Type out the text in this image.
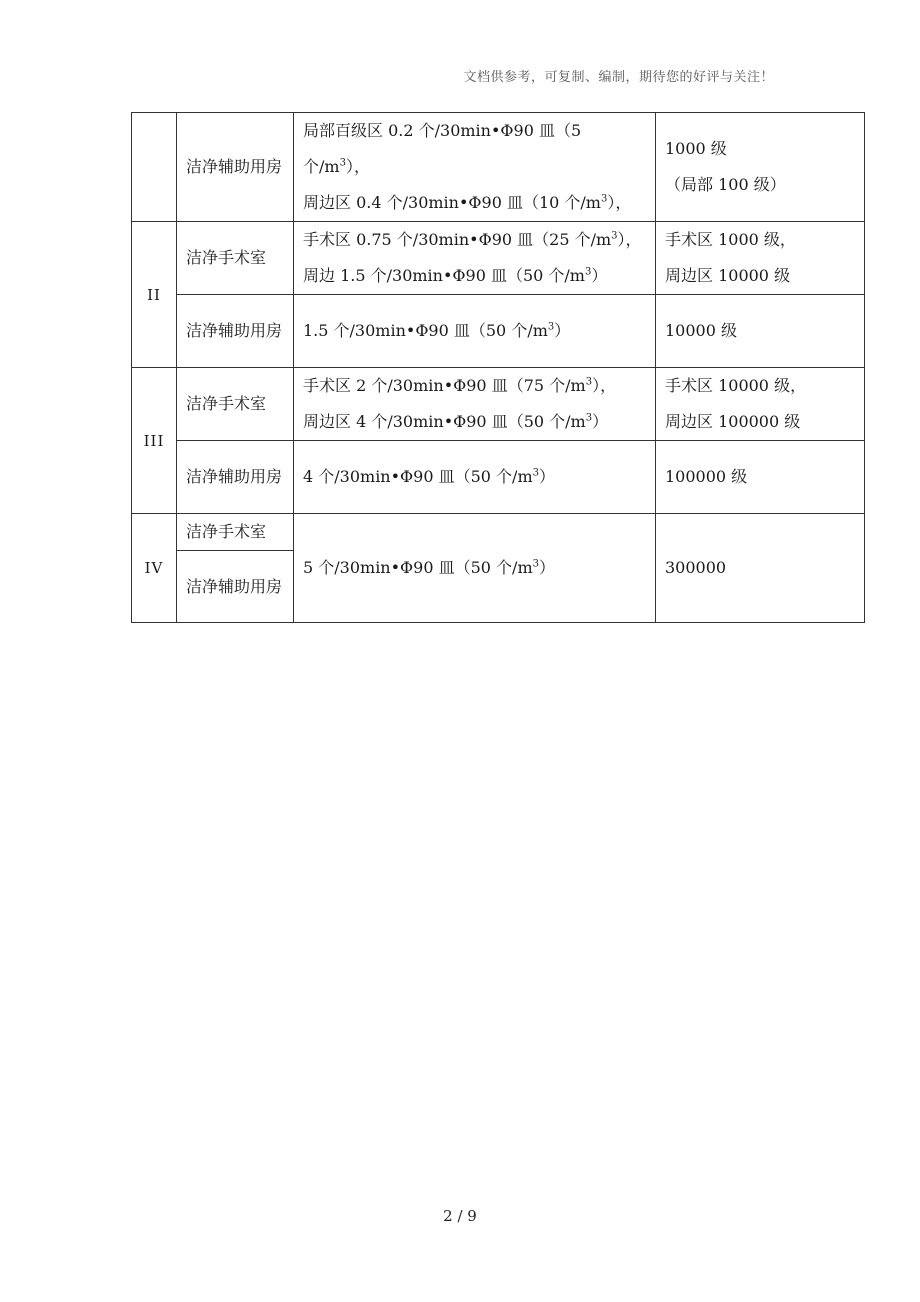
文档供参考，可复制、编制，期待您的好评与关注！
	洁净辅助用房	局部百级区 0.2 个/30min•Φ90 皿（5 个$/m^3$），
周边区 0.4 个/30min•Φ90 皿（10 个$/m^3$），	1000 级
（局部 100 级）

II	洁净手术室	手术区 0.75 个/30min•Φ90 皿（25 个$/m^3$），
周边 1.5 个/30min•Φ90 皿（50 个$/m^3$）	手术区 1000 级，
周边区 10000 级

	洁净辅助用房	1.5 个/30min•Φ90 皿（50 个$/m^3$）	10000 级
III	洁净手术室	手术区 2 个/30min•Φ90 皿（75 个$/m^3$），
周边区 4 个/30min•Φ90 皿（50 个$/m^3$）	手术区 10000 级，
周边区 100000 级

	洁净辅助用房	4 个/30min•Φ90 皿（50 个$/m^3$）	100000 级
IV	洁净手术室	5 个/30min•Φ90 皿（50 个$/m^3$）	300000
	洁净辅助用房		
2 / 9
